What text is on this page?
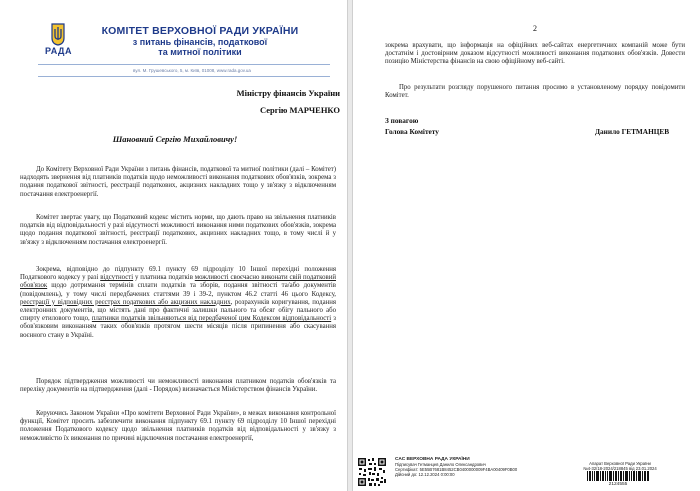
РАДА
КОМІТЕТ ВЕРХОВНОЇ РАДИ УКРАЇНИ
з питань фінансів, податкової
та митної політики
вул. М. Грушевського, 5, м. Київ, 01008, www.rada.gov.ua
Міністру фінансів України
Сергію МАРЧЕНКО
Шановний Сергію Михайловичу!

До Комітету Верховної Ради України з питань фінансів, податкової та митної політики (далі – Комітет) надходять звернення від платників податків щодо неможливості виконання податкових обов'язків, зокрема з подання податкової звітності, реєстрації податкових, акцизних накладних тощо у зв'язку з відключенням постачання електроенергії.

Комітет звертає увагу, що Податковий кодекс містить норми, що дають право на звільнення платників податків від відповідальності у разі відсутності можливості виконання ними податкових обов'язків, зокрема щодо подання податкової звітності, реєстрації податкових, акцизних накладних тощо, в тому числі й у зв'язку з відключенням постачання електроенергії.

Зокрема, відповідно до підпункту 69.1 пункту 69 підрозділу 10 Іншої перехідні положення Податкового кодексу у разі відсутності у платника податків можливості своєчасно виконати свій податковий обов'язок щодо дотримання термінів сплати податків та зборів, подання звітності та/або документів (повідомлень), у тому числі передбачених статтями 39 і 39-2, пунктом 46.2 статті 46 цього Кодексу, реєстрації у відповідних реєстрах податкових або акцизних накладних, розрахунків коригування, подання електронних документів, що містять дані про фактичні залишки пального та обсяг обігу пального або спирту етилового тощо, платники податків звільняються від передбаченої цим Кодексом відповідальності з обов'язковим виконанням таких обов'язків протягом шести місяців після припинення або скасування воєнного стану в Україні.

Порядок підтвердження можливості чи неможливості виконання платником податків обов'язків та переліку документів на підтвердження (далі - Порядок) визначається Міністерством фінансів України.

Керуючись Законом України «Про комітети Верховної Ради України», в межах виконання контрольної функції, Комітет просить забезпечити виконання підпункту 69.1 пункту 69 підрозділу 10 Іншої перехідні положення Податкового кодексу щодо звільнення платників податків від відповідальності у зв'язку з неможливістю їх виконання по причині відключення постачання електроенергії,

2

зокрема врахувати, що інформація на офіційних веб-сайтах енергетичних компаній може бути достатнім і достовірним доказом відсутності можливості виконання податкових обов'язків. Довести позицію Міністерства фінансів на свою офіційному веб-сайті.

Про результати розгляду порушеного питання просимо в установленому порядку повідомити Комітет.

З повагою
Голова Комітету	Данило ГЕТМАНЦЕВ
САС ВЕРХОВНА РАДА УКРАЇНИ
Підписувач Гетманцев Данило Олександрович
Сертифікат: 5E55B7681B8452CB0400000009F4BA00409F0B00
Дійсний до: 12.12.2024 0:00:00
Апарат Верховної Ради України
№4-32/18-2024/218845 від 23.01.2024
2124555
